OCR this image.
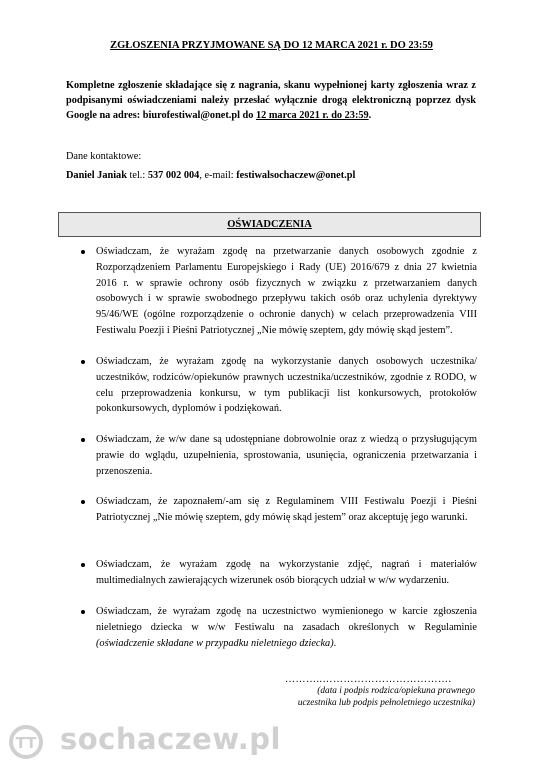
ZGŁOSZENIA PRZYJMOWANE SĄ DO 12 MARCA 2021 r. DO 23:59
Kompletne zgłoszenie składające się z nagrania, skanu wypełnionej karty zgłoszenia wraz z podpisanymi oświadczeniami należy przesłać wyłącznie drogą elektroniczną poprzez dysk Google na adres: biurofestiwal@onet.pl do 12 marca 2021 r. do 23:59.
Dane kontaktowe:
Daniel Janiak tel.: 537 002 004, e-mail: festiwalsochaczew@onet.pl
OŚWIADCZENIA
Oświadczam, że wyrażam zgodę na przetwarzanie danych osobowych zgodnie z Rozporządzeniem Parlamentu Europejskiego i Rady (UE) 2016/679 z dnia 27 kwietnia 2016 r. w sprawie ochrony osób fizycznych w związku z przetwarzaniem danych osobowych i w sprawie swobodnego przepływu takich osób oraz uchylenia dyrektywy 95/46/WE (ogólne rozporządzenie o ochronie danych) w celach przeprowadzenia VIII Festiwalu Poezji i Pieśni Patriotycznej „Nie mówię szeptem, gdy mówię skąd jestem”.
Oświadczam, że wyrażam zgodę na wykorzystanie danych osobowych uczestnika/ uczestników, rodziców/opiekunów prawnych uczestnika/uczestników, zgodnie z RODO, w celu przeprowadzenia konkursu, w tym publikacji list konkursowych, protokołów pokonkursowych, dyplomów i podziękowań.
Oświadczam, że w/w dane są udostępniane dobrowolnie oraz z wiedzą o przysługującym prawie do wglądu, uzupełnienia, sprostowania, usunięcia, ograniczenia przetwarzania i przenoszenia.
Oświadczam, że zapoznałem/-am się z Regulaminem VIII Festiwalu Poezji i Pieśni Patriotycznej „Nie mówię szeptem, gdy mówię skąd jestem” oraz akceptuję jego warunki.
Oświadczam, że wyrażam zgodę na wykorzystanie zdjęć, nagrań i materiałów multimedialnych zawierających wizerunek osób biorących udział w w/w wydarzeniu.
Oświadczam, że wyrażam zgodę na uczestnictwo wymienionego w karcie zgłoszenia nieletniego dziecka w w/w Festiwalu na zasadach określonych w Regulaminie (oświadczenie składane w przypadku nieletniego dziecka).
………..……………………………….
(data i podpis rodzica/opiekuna prawnego
uczestnika lub podpis pełnoletniego uczestnika)
TT sochaczew.pl
